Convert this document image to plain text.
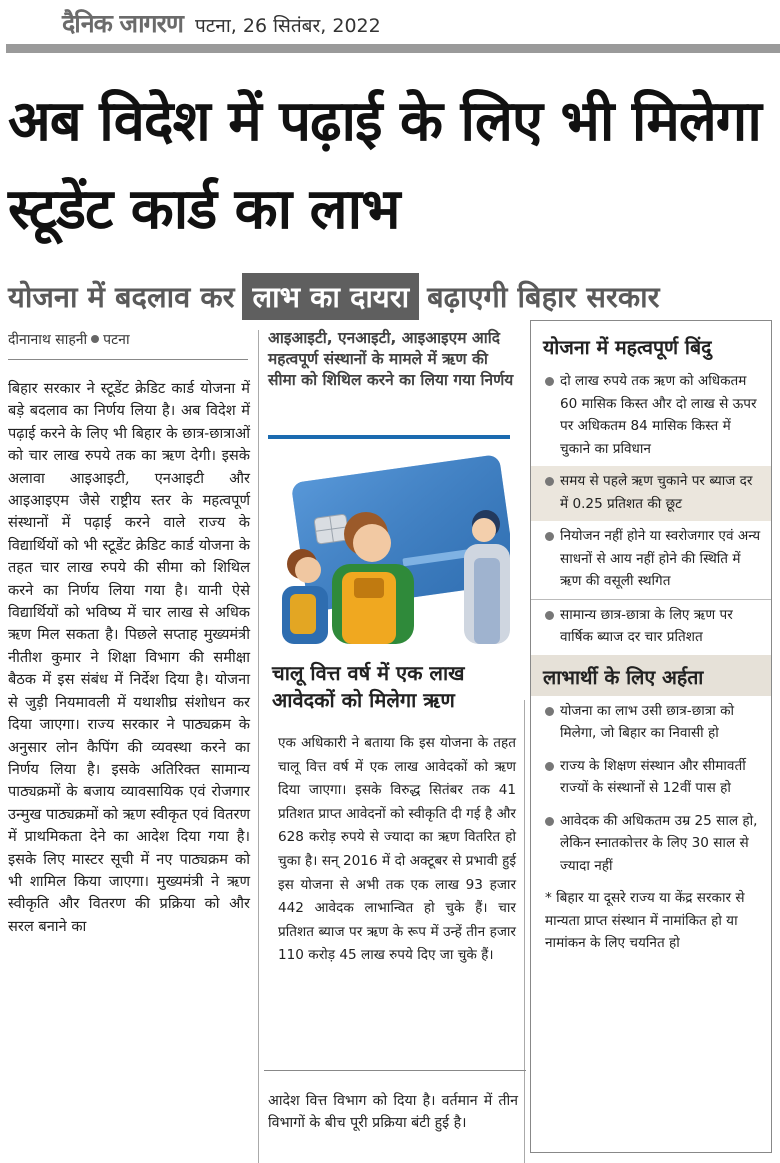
दैनिक जागरण पटना, 26 सितंबर, 2022
अब विदेश में पढ़ाई के लिए भी मिलेगा स्टूडेंट कार्ड का लाभ
योजना में बदलाव कर लाभ का दायरा बढ़ाएगी बिहार सरकार
दीनानाथ साहनी पटना
बिहार सरकार ने स्टूडेंट क्रेडिट कार्ड योजना में बड़े बदलाव का निर्णय लिया है। अब विदेश में पढ़ाई करने के लिए भी बिहार के छात्र-छात्राओं को चार लाख रुपये तक का ऋण देगी। इसके अलावा आइआइटी, एनआइटी और आइआइएम जैसे राष्ट्रीय स्तर के महत्वपूर्ण संस्थानों में पढ़ाई करने वाले राज्य के विद्यार्थियों को भी स्टूडेंट क्रेडिट कार्ड योजना के तहत चार लाख रुपये की सीमा को शिथिल करने का निर्णय लिया गया है। यानी ऐसे विद्यार्थियों को भविष्य में चार लाख से अधिक ऋण मिल सकता है। पिछले सप्ताह मुख्यमंत्री नीतीश कुमार ने शिक्षा विभाग की समीक्षा बैठक में इस संबंध में निर्देश दिया है। योजना से जुड़ी नियमावली में यथाशीघ्र संशोधन कर दिया जाएगा। राज्य सरकार ने पाठ्यक्रम के अनुसार लोन कैपिंग की व्यवस्था करने का निर्णय लिया है। इसके अतिरिक्त सामान्य पाठ्यक्रमों के बजाय व्यावसायिक एवं रोजगार उन्मुख पाठ्यक्रमों को ऋण स्वीकृत एवं वितरण में प्राथमिकता देने का आदेश दिया गया है। इसके लिए मास्टर सूची में नए पाठ्यक्रम को भी शामिल किया जाएगा। मुख्यमंत्री ने ऋण स्वीकृति और वितरण की प्रक्रिया को और सरल बनाने का
आइआइटी, एनआइटी, आइआइएम आदि महत्वपूर्ण संस्थानों के मामले में ऋण की सीमा को शिथिल करने का लिया गया निर्णय
चालू वित्त वर्ष में एक लाख आवेदकों को मिलेगा ऋण
एक अधिकारी ने बताया कि इस योजना के तहत चालू वित्त वर्ष में एक लाख आवेदकों को ऋण दिया जाएगा। इसके विरुद्ध सितंबर तक 41 प्रतिशत प्राप्त आवेदनों को स्वीकृति दी गई है और 628 करोड़ रुपये से ज्यादा का ऋण वितरित हो चुका है। सन् 2016 में दो अक्टूबर से प्रभावी हुई इस योजना से अभी तक एक लाख 93 हजार 442 आवेदक लाभान्वित हो चुके हैं। चार प्रतिशत ब्याज पर ऋण के रूप में उन्हें तीन हजार 110 करोड़ 45 लाख रुपये दिए जा चुके हैं।
आदेश वित्त विभाग को दिया है। वर्तमान में तीन विभागों के बीच पूरी प्रक्रिया बंटी हुई है।
योजना में महत्वपूर्ण बिंदु
दो लाख रुपये तक ऋण को अधिकतम 60 मासिक किस्त और दो लाख से ऊपर पर अधिकतम 84 मासिक किस्त में चुकाने का प्रविधान
समय से पहले ऋण चुकाने पर ब्याज दर में 0.25 प्रतिशत की छूट
नियोजन नहीं होने या स्वरोजगार एवं अन्य साधनों से आय नहीं होने की स्थिति में ऋण की वसूली स्थगित
सामान्य छात्र-छात्रा के लिए ऋण पर वार्षिक ब्याज दर चार प्रतिशत
लाभार्थी के लिए अर्हता
योजना का लाभ उसी छात्र-छात्रा को मिलेगा, जो बिहार का निवासी हो
राज्य के शिक्षण संस्थान और सीमावर्ती राज्यों के संस्थानों से 12वीं पास हो
आवेदक की अधिकतम उम्र 25 साल हो, लेकिन स्नातकोत्तर के लिए 30 साल से ज्यादा नहीं
* बिहार या दूसरे राज्य या केंद्र सरकार से मान्यता प्राप्त संस्थान में नामांकित हो या नामांकन के लिए चयनित हो
